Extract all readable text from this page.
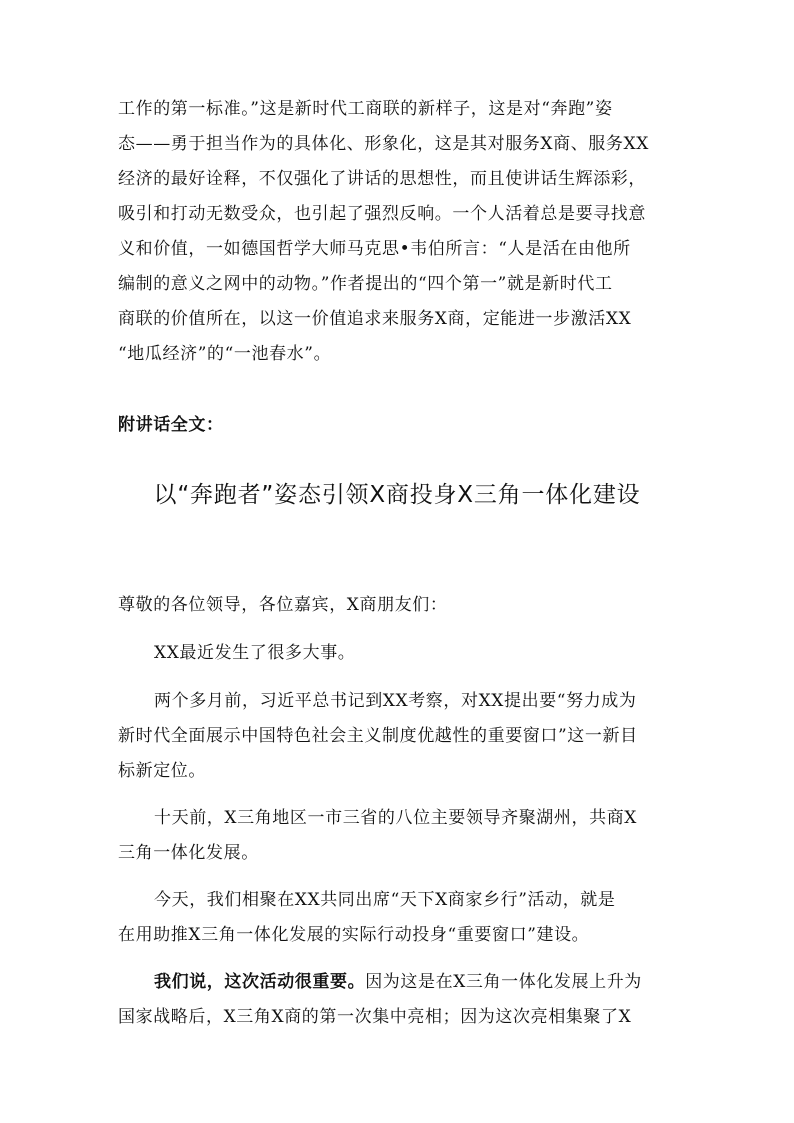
工作的第一标准。”这是新时代工商联的新样子，这是对“奔跑”姿
态——勇于担当作为的具体化、形象化，这是其对服务X商、服务XX
经济的最好诠释，不仅强化了讲话的思想性，而且使讲话生辉添彩，
吸引和打动无数受众，也引起了强烈反响。一个人活着总是要寻找意
义和价值，一如德国哲学大师马克思•韦伯所言：“人是活在由他所
编制的意义之网中的动物。”作者提出的“四个第一”就是新时代工
商联的价值所在，以这一价值追求来服务X商，定能进一步激活XX
“地瓜经济”的“一池春水”。
附讲话全文：
以“奔跑者”姿态引领X商投身X三角一体化建设
尊敬的各位领导，各位嘉宾，X商朋友们：
XX最近发生了很多大事。
两个多月前，习近平总书记到XX考察，对XX提出要“努力成为
新时代全面展示中国特色社会主义制度优越性的重要窗口”这一新目
标新定位。
十天前，X三角地区一市三省的八位主要领导齐聚湖州，共商X
三角一体化发展。
今天，我们相聚在XX共同出席“天下X商家乡行”活动，就是
在用助推X三角一体化发展的实际行动投身“重要窗口”建设。
我们说，这次活动很重要。因为这是在X三角一体化发展上升为
国家战略后，X三角X商的第一次集中亮相；因为这次亮相集聚了X
